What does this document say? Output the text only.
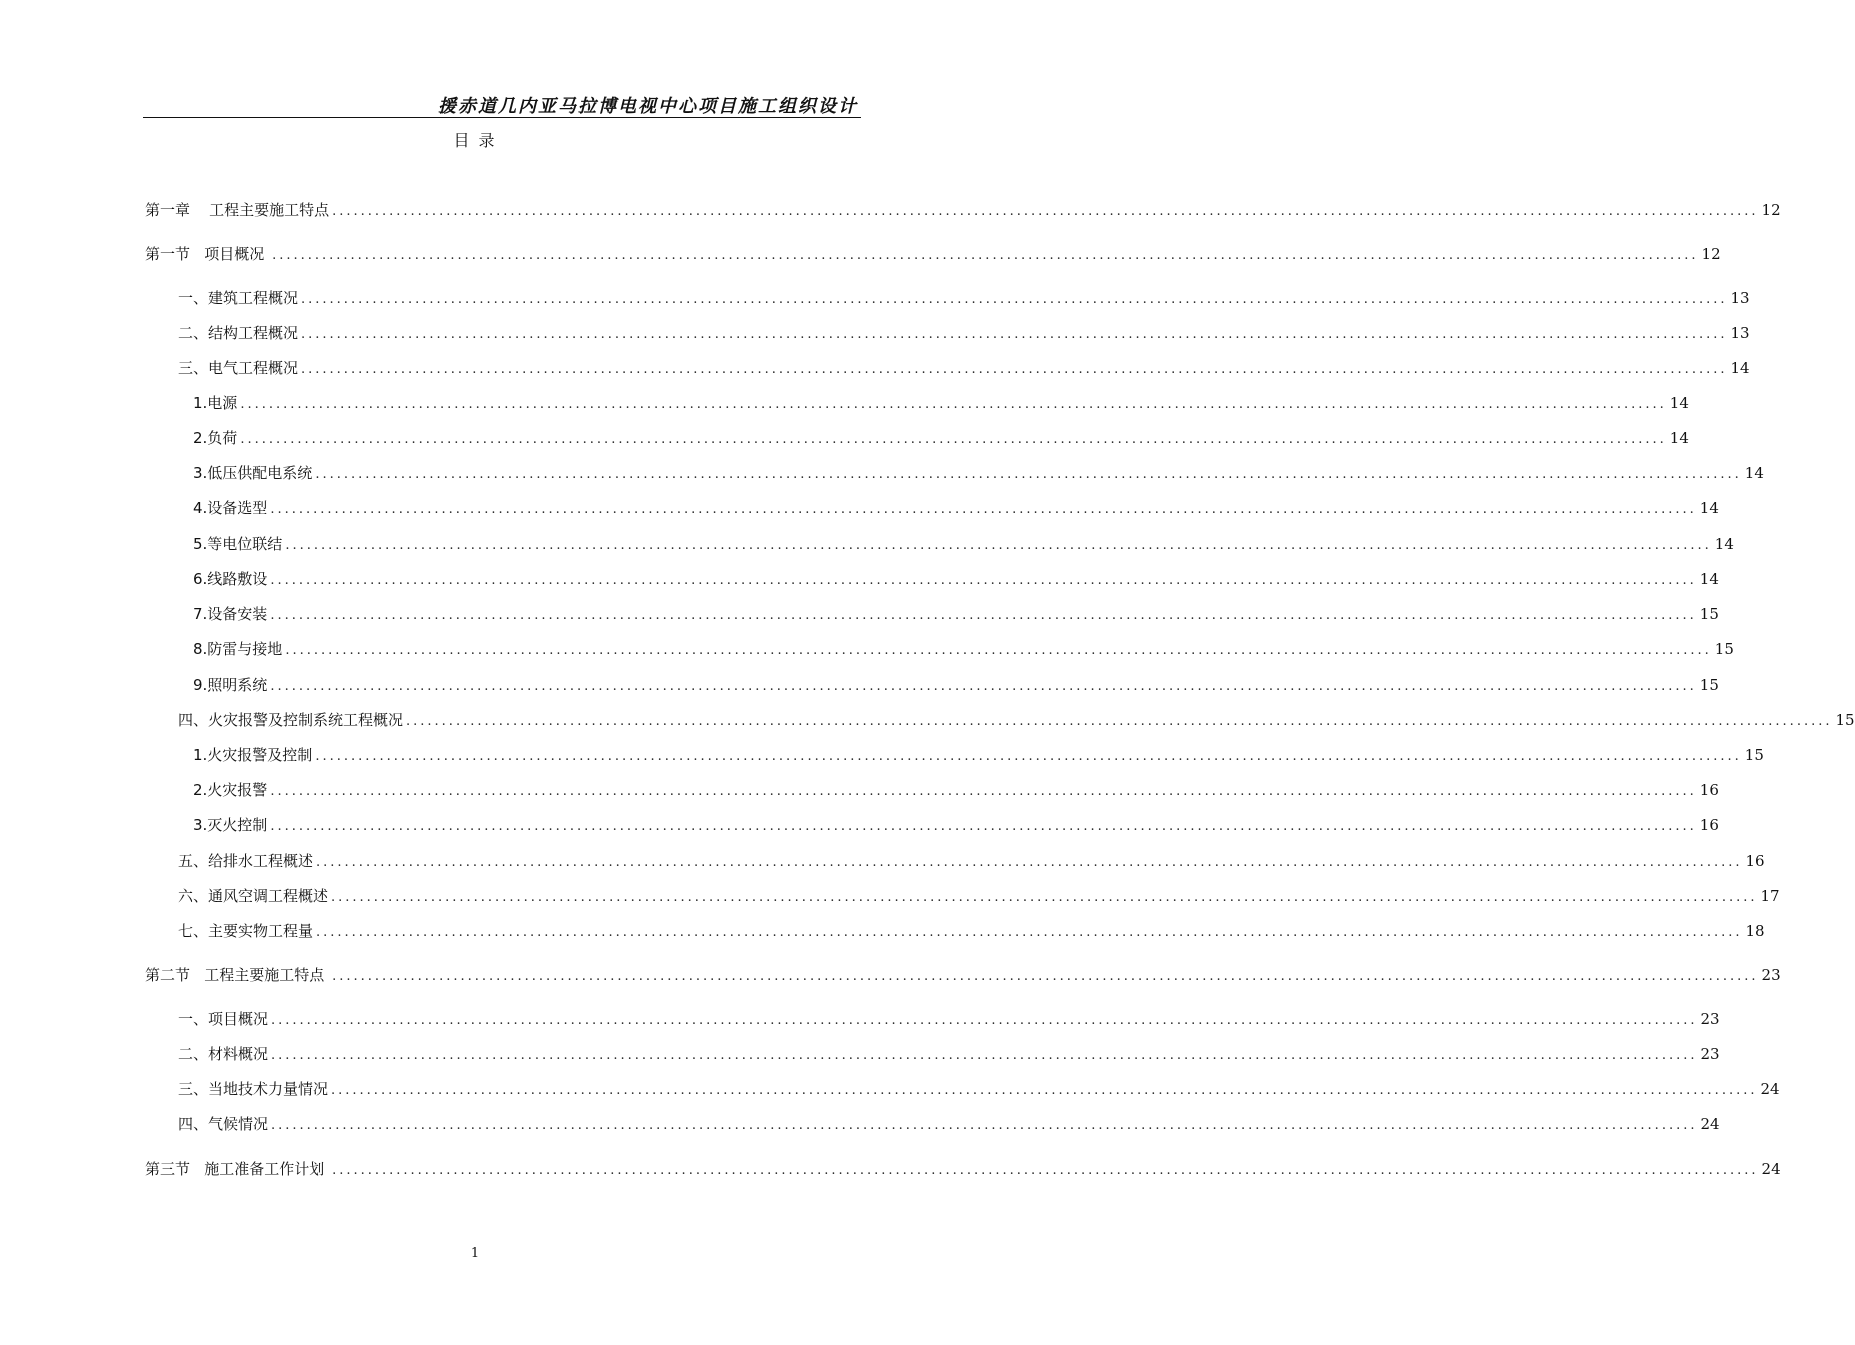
援赤道几内亚马拉博电视中心项目施工组织设计
目 录
第一章    工程主要施工特点 ........................................................................................................................................................................................................ 12
第一节   项目概况 ........................................................................................................................................................................................................ 12
一、建筑工程概况 ........................................................................................................................................................................................................ 13
二、结构工程概况 ........................................................................................................................................................................................................ 13
三、电气工程概况 ........................................................................................................................................................................................................ 14
1.电源 ........................................................................................................................................................................................................ 14
2.负荷 ........................................................................................................................................................................................................ 14
3.低压供配电系统 ........................................................................................................................................................................................................ 14
4.设备选型 ........................................................................................................................................................................................................ 14
5.等电位联结 ........................................................................................................................................................................................................ 14
6.线路敷设 ........................................................................................................................................................................................................ 14
7.设备安装 ........................................................................................................................................................................................................ 15
8.防雷与接地 ........................................................................................................................................................................................................ 15
9.照明系统 ........................................................................................................................................................................................................ 15
四、火灾报警及控制系统工程概况 ........................................................................................................................................................................................................ 15
1.火灾报警及控制 ........................................................................................................................................................................................................ 15
2.火灾报警 ........................................................................................................................................................................................................ 16
3.灭火控制 ........................................................................................................................................................................................................ 16
五、给排水工程概述 ........................................................................................................................................................................................................ 16
六、通风空调工程概述 ........................................................................................................................................................................................................ 17
七、主要实物工程量 ........................................................................................................................................................................................................ 18
第二节   工程主要施工特点 ........................................................................................................................................................................................................ 23
一、项目概况 ........................................................................................................................................................................................................ 23
二、材料概况 ........................................................................................................................................................................................................ 23
三、当地技术力量情况 ........................................................................................................................................................................................................ 24
四、气候情况 ........................................................................................................................................................................................................ 24
第三节   施工准备工作计划 ........................................................................................................................................................................................................ 24
1
